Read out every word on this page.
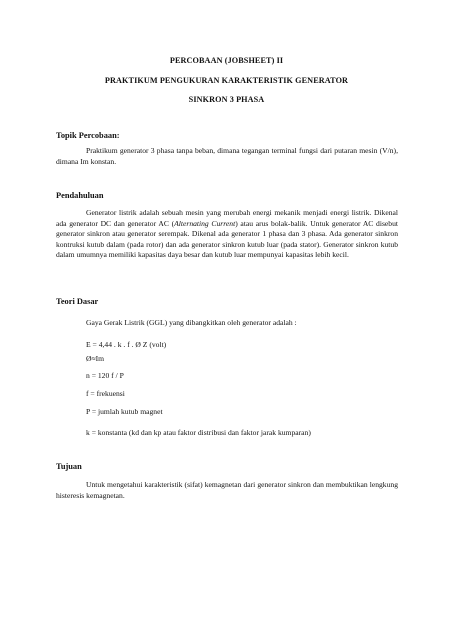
PERCOBAAN (JOBSHEET) II
PRAKTIKUM PENGUKURAN KARAKTERISTIK GENERATOR
SINKRON 3 PHASA
Topik Percobaan:
Praktikum generator 3 phasa tanpa beban, dimana tegangan terminal fungsi dari putaran mesin (V/n), dimana Im konstan.
Pendahuluan
Generator listrik adalah sebuah mesin yang merubah energi mekanik menjadi energi listrik. Dikenal ada generator DC dan generator AC (Alternating Current) atau arus bolak-balik. Untuk generator AC disebut generator sinkron atau generator serempak. Dikenal ada generator 1 phasa dan 3 phasa. Ada generator sinkron kontruksi kutub dalam (pada rotor) dan ada generator sinkron kutub luar (pada stator). Generator sinkron kutub dalam umumnya memiliki kapasitas daya besar dan kutub luar mempunyai kapasitas lebih kecil.
Teori Dasar
Gaya Gerak Listrik (GGL) yang dibangkitkan oleh generator adalah :
E = 4,44 . k . f . Ø Z (volt)
Ø≈Im
n = 120 f / P
f = frekuensi
P = jumlah kutub magnet
k = konstanta (kd dan kp atau faktor distribusi dan faktor jarak kumparan)
Tujuan
Untuk mengetahui karakteristik (sifat) kemagnetan dari generator sinkron dan membuktikan lengkung histeresis kemagnetan.
